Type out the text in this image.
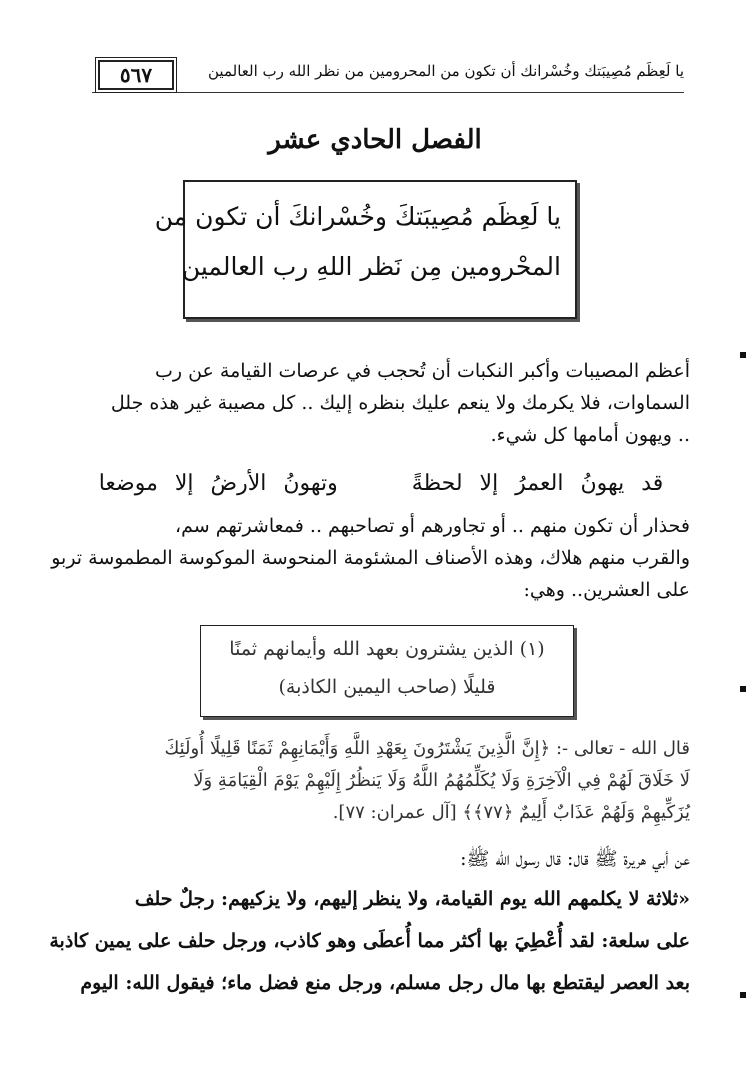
٥٦٧	يا لَعِظَم مُصِيبَتك وخُسْرانك أن تكون من المحرومين من نظر الله رب العالمين
الفصل الحادي عشر
يا لَعِظَم مُصِيبَتكَ وخُسْرانكَ أن تكون من
المحْرومين مِن نَظر اللهِ رب العالمين
أعظم المصيبات وأكبر النكبات أن تُحجب في عرصات القيامة عن رب
السماوات، فلا يكرمك ولا ينعم عليك بنظره إليك .. كل مصيبة غير هذه جلل
.. ويهون أمامها كل شيء.
قد يهونُ العمرُ إلا لحظةً  وتهونُ الأرضُ إلا موضعا
فحذار أن تكون منهم .. أو تجاورهم أو تصاحبهم .. فمعاشرتهم سم،
والقرب منهم هلاك، وهذه الأصناف المشئومة المنحوسة الموكوسة المطموسة تربو
على العشرين.. وهي:
(١) الذين يشترون بعهد الله وأيمانهم ثمنًا
قليلًا (صاحب اليمين الكاذبة)
قال الله - تعالى -: ﴿إِنَّ الَّذِينَ يَشْتَرُونَ بِعَهْدِ اللَّهِ وَأَيْمَانِهِمْ ثَمَنًا قَلِيلًا أُولَئِكَ
لَا خَلَاقَ لَهُمْ فِي الْآخِرَةِ وَلَا يُكَلِّمُهُمُ اللَّهُ وَلَا يَنظُرُ إِلَيْهِمْ يَوْمَ الْقِيَامَةِ وَلَا
يُزَكِّيهِمْ وَلَهُمْ عَذَابٌ أَلِيمٌ ﴿٧٧﴾﴾ [آل عمران: ٧٧].
عن أبي هريرة ﷺ قال: قال رسول الله ﷺ:
«ثلاثة لا يكلمهم الله يوم القيامة، ولا ينظر إليهم، ولا يزكيهم: رجلٌ حلف
على سلعة: لقد أُعْطِيَ بها أكثر مما أُعطَى وهو كاذب، ورجل حلف على يمين كاذبة
بعد العصر ليقتطع بها مال رجل مسلم، ورجل منع فضل ماء؛ فيقول الله: اليوم
